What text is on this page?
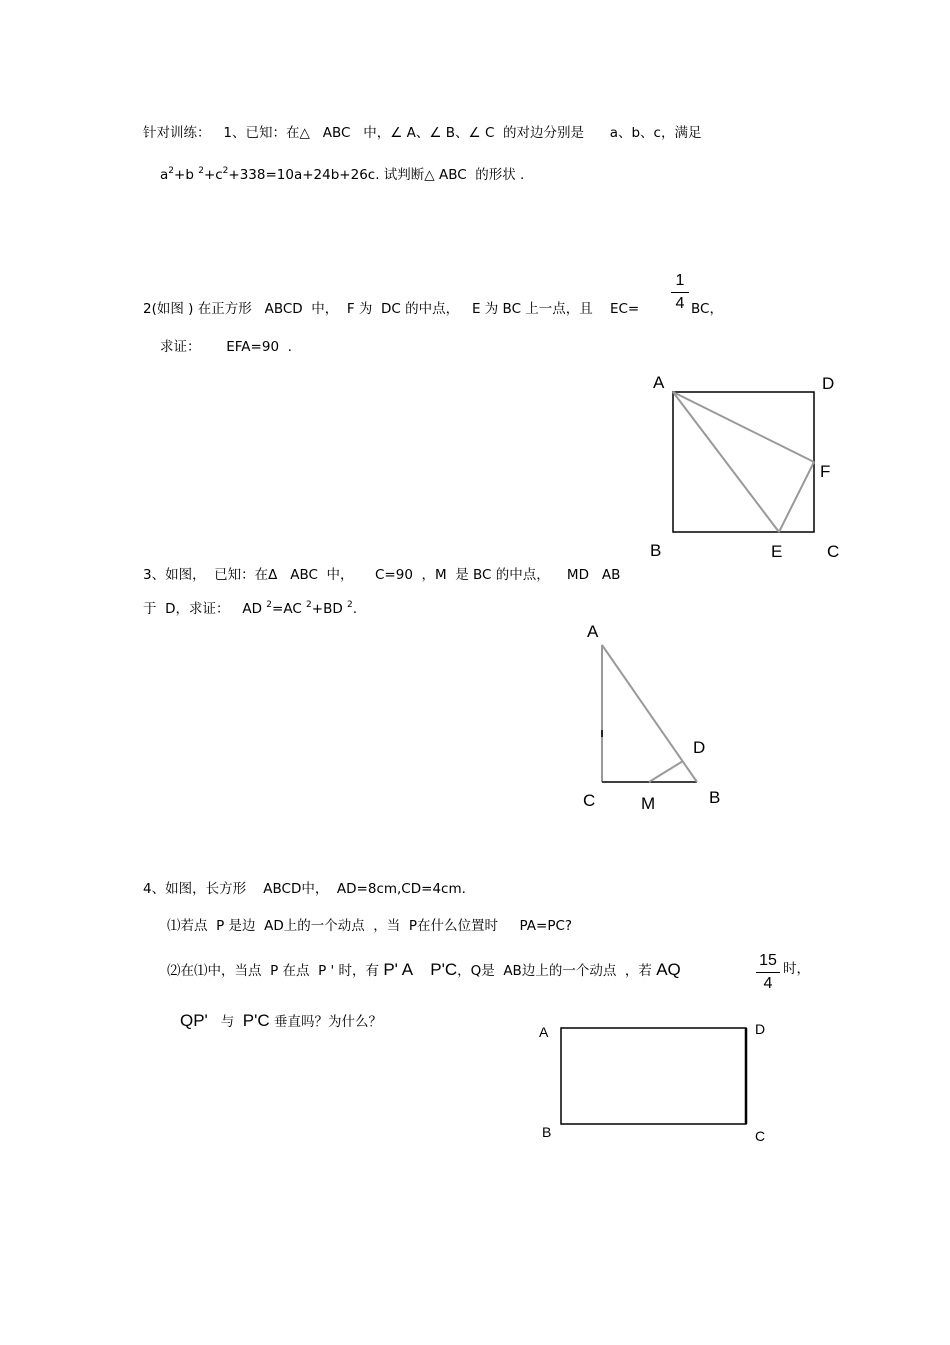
针对训练：   1、已知：在△   ABC   中，∠ A、∠ B、∠ C  的对边分别是      a、b、c，满足
$a^2+b$ $^2+c^2+338=10a+24b+26c$. 试判断△ ABC  的形状 .
2(如图 ) 在正方形   ABCD  中，  F 为  DC 的中点，   E 为 BC 上一点，且    EC=
1
4 BC，
求证：      EFA=90  .
A	D
F
B	E	C
3、如图，  已知：在Δ   ABC  中，     C=90  ，M  是 BC 的中点，    MD   AB
于  D，求证：   AD $^2$=AC $^2$+BD $^2$.
A
D
B
C	M
4、如图，长方形    ABCD中，  AD=8cm,CD=4cm.
⑴若点  P 是边  AD上的一个动点  ，当  P在什么位置时     PA=PC?
⑵在⑴中，当点  P 在点  P ' 时，有 P' A P'C，Q是  AB边上的一个动点  ，若 AQ	15
4
时，
QP' 与 P'C 垂直吗？为什么？
A	D
B	C
